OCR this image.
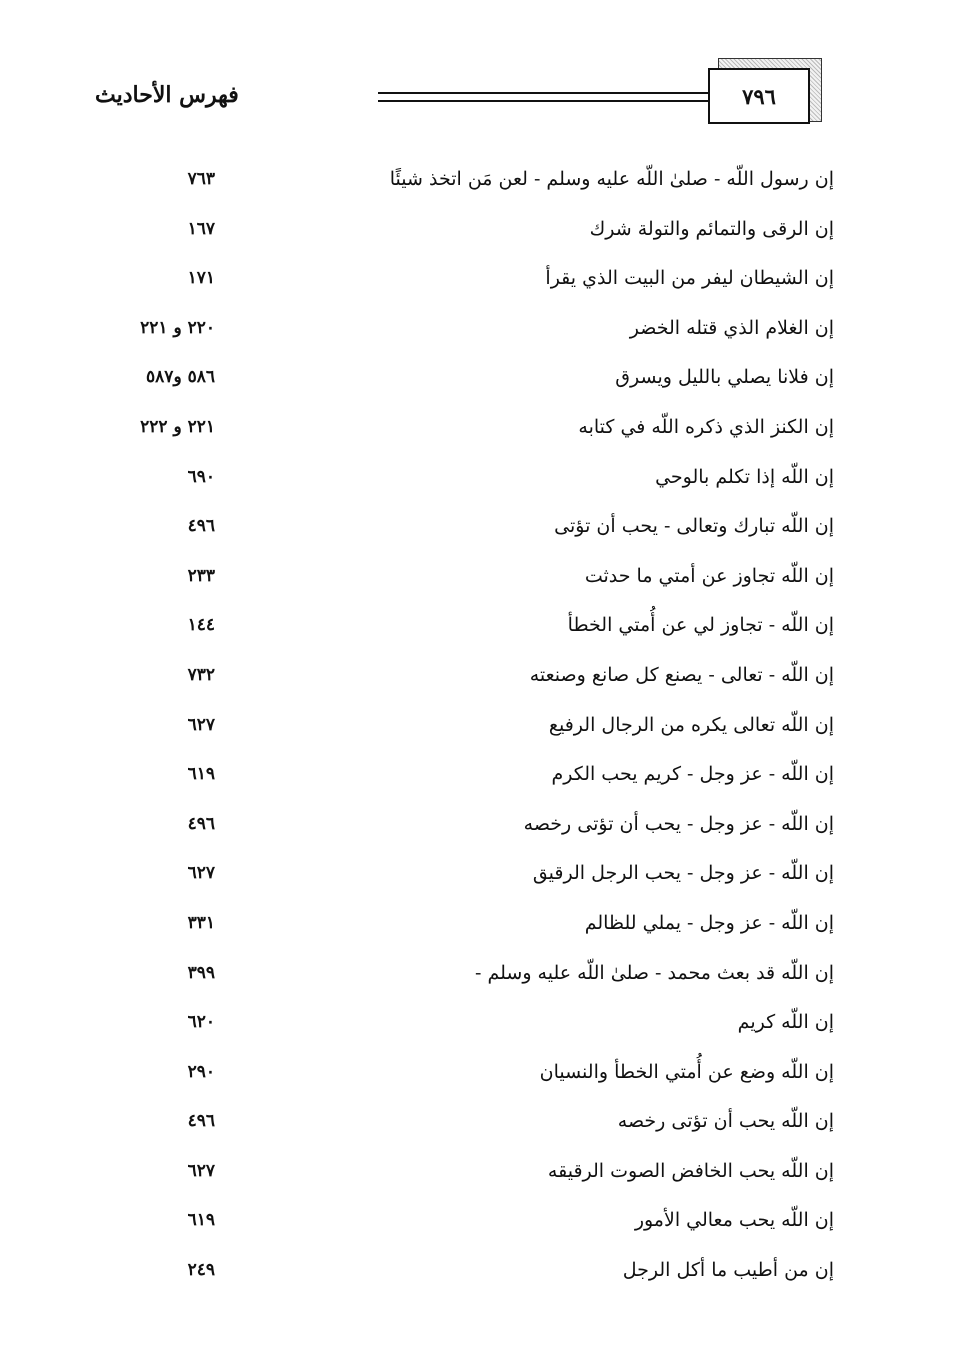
فهرس الأحاديث	٧٩٦
إن رسول اللّه - صلىٰ اللّه عليه وسلم - لعن مَن اتخذ شيئًا
٧٦٣
إن الرقى والتمائم والتولة شرك
١٦٧
إن الشيطان ليفر من البيت الذي يقرأ
١٧١
إن الغلام الذي قتله الخضر
٢٢٠ و ٢٢١
إن فلانا يصلي بالليل ويسرق
٥٨٦ و٥٨٧
إن الكنز الذي ذكره اللّه في كتابه
٢٢١ و ٢٢٢
إن اللّه إذا تكلم بالوحي
٦٩٠
إن اللّه تبارك وتعالى - يحب أن تؤتى
٤٩٦
إن اللّه تجاوز عن أمتي ما حدثت
٢٣٣
إن اللّه - تجاوز لي عن أُمتي الخطأ
١٤٤
إن اللّه - تعالى - يصنع كل صانع وصنعته
٧٣٢
إن اللّه تعالى يكره من الرجال الرفيع
٦٢٧
إن اللّه - عز وجل - كريم يحب الكرم
٦١٩
إن اللّه - عز وجل - يحب أن تؤتى رخصه
٤٩٦
إن اللّه - عز وجل - يحب الرجل الرقيق
٦٢٧
إن اللّه - عز وجل - يملي للظالم
٣٣١
إن اللّه قد بعث محمد - صلىٰ اللّه عليه وسلم -
٣٩٩
إن اللّه كريم
٦٢٠
إن اللّه وضع عن أُمتي الخطأ والنسيان
٢٩٠
إن اللّه يحب أن تؤتى رخصه
٤٩٦
إن اللّه يحب الخافض الصوت الرقيقه
٦٢٧
إن اللّه يحب معالي الأمور
٦١٩
إن من أطيب ما أكل الرجل
٢٤٩
